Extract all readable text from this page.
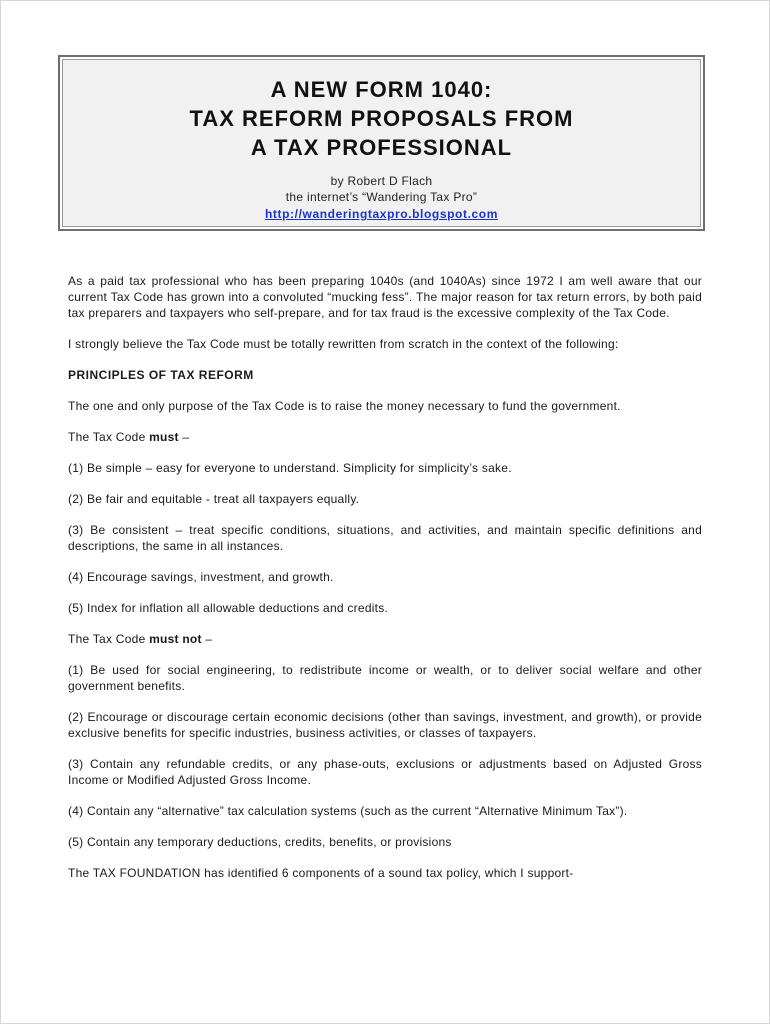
A NEW FORM 1040:
TAX REFORM PROPOSALS FROM
A TAX PROFESSIONAL
by Robert D Flach
the internet’s “Wandering Tax Pro”
http://wanderingtaxpro.blogspot.com

As a paid tax professional who has been preparing 1040s (and 1040As) since 1972 I am well aware that our current Tax Code has grown into a convoluted “mucking fess”. The major reason for tax return errors, by both paid tax preparers and taxpayers who self-prepare, and for tax fraud is the excessive complexity of the Tax Code.

I strongly believe the Tax Code must be totally rewritten from scratch in the context of the following:

PRINCIPLES OF TAX REFORM

The one and only purpose of the Tax Code is to raise the money necessary to fund the government.

The Tax Code must –

(1) Be simple – easy for everyone to understand. Simplicity for simplicity’s sake.

(2) Be fair and equitable - treat all taxpayers equally.

(3) Be consistent – treat specific conditions, situations, and activities, and maintain specific definitions and descriptions, the same in all instances.

(4) Encourage savings, investment, and growth.

(5) Index for inflation all allowable deductions and credits.

The Tax Code must not –

(1) Be used for social engineering, to redistribute income or wealth, or to deliver social welfare and other government benefits.

(2) Encourage or discourage certain economic decisions (other than savings, investment, and growth), or provide exclusive benefits for specific industries, business activities, or classes of taxpayers.

(3) Contain any refundable credits, or any phase-outs, exclusions or adjustments based on Adjusted Gross Income or Modified Adjusted Gross Income.

(4) Contain any “alternative” tax calculation systems (such as the current “Alternative Minimum Tax”).

(5) Contain any temporary deductions, credits, benefits, or provisions

The TAX FOUNDATION has identified 6 components of a sound tax policy, which I support-
